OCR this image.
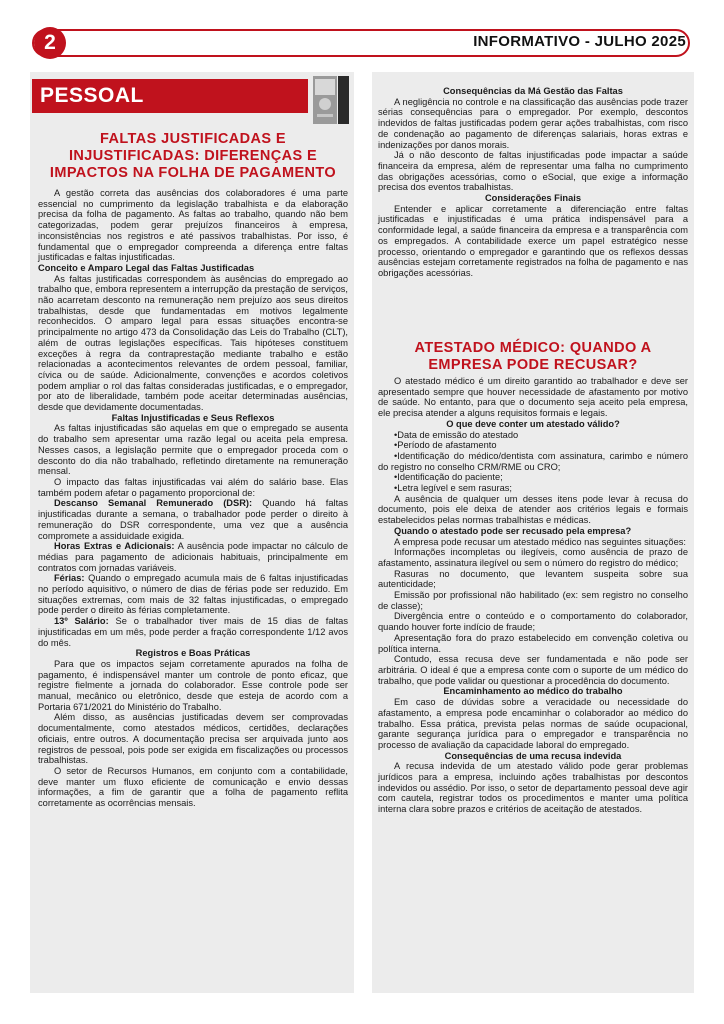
2	INFORMATIVO - JULHO 2025
PESSOAL	CTPS
FALTAS JUSTIFICADAS E INJUSTIFICADAS: DIFERENÇAS E IMPACTOS NA FOLHA DE PAGAMENTO

A gestão correta das ausências dos colaboradores é uma parte essencial no cumprimento da legislação trabalhista e da elaboração precisa da folha de pagamento. As faltas ao trabalho, quando não bem categorizadas, podem gerar prejuízos financeiros à empresa, inconsistências nos registros e até passivos trabalhistas. Por isso, é fundamental que o empregador compreenda a diferença entre faltas justificadas e faltas injustificadas.

Conceito e Amparo Legal das Faltas Justificadas

As faltas justificadas correspondem às ausências do empregado ao trabalho que, embora representem a interrupção da prestação de serviços, não acarretam desconto na remuneração nem prejuízo aos seus direitos trabalhistas, desde que fundamentadas em motivos legalmente reconhecidos. O amparo legal para essas situações encontra-se principalmente no artigo 473 da Consolidação das Leis do Trabalho (CLT), além de outras legislações específicas. Tais hipóteses constituem exceções à regra da contraprestação mediante trabalho e estão relacionadas a acontecimentos relevantes de ordem pessoal, familiar, cívica ou de saúde. Adicionalmente, convenções e acordos coletivos podem ampliar o rol das faltas consideradas justificadas, e o empregador, por ato de liberalidade, também pode aceitar determinadas ausências, desde que devidamente documentadas.

Faltas Injustificadas e Seus Reflexos

As faltas injustificadas são aquelas em que o empregado se ausenta do trabalho sem apresentar uma razão legal ou aceita pela empresa. Nesses casos, a legislação permite que o empregador proceda com o desconto do dia não trabalhado, refletindo diretamente na remuneração mensal.

O impacto das faltas injustificadas vai além do salário base. Elas também podem afetar o pagamento proporcional de:

Descanso Semanal Remunerado (DSR): Quando há faltas injustificadas durante a semana, o trabalhador pode perder o direito à remuneração do DSR correspondente, uma vez que a ausência compromete a assiduidade exigida.

Horas Extras e Adicionais: A ausência pode impactar no cálculo de médias para pagamento de adicionais habituais, principalmente em contratos com jornadas variáveis.

Férias: Quando o empregado acumula mais de 6 faltas injustificadas no período aquisitivo, o número de dias de férias pode ser reduzido. Em situações extremas, com mais de 32 faltas injustificadas, o empregado pode perder o direito às férias completamente.

13º Salário: Se o trabalhador tiver mais de 15 dias de faltas injustificadas em um mês, pode perder a fração correspondente 1/12 avos do mês.

Registros e Boas Práticas

Para que os impactos sejam corretamente apurados na folha de pagamento, é indispensável manter um controle de ponto eficaz, que registre fielmente a jornada do colaborador. Esse controle pode ser manual, mecânico ou eletrônico, desde que esteja de acordo com a Portaria 671/2021 do Ministério do Trabalho.

Além disso, as ausências justificadas devem ser comprovadas documentalmente, como atestados médicos, certidões, declarações oficiais, entre outros. A documentação precisa ser arquivada junto aos registros de pessoal, pois pode ser exigida em fiscalizações ou processos trabalhistas.

O setor de Recursos Humanos, em conjunto com a contabilidade, deve manter um fluxo eficiente de comunicação e envio dessas informações, a fim de garantir que a folha de pagamento reflita corretamente as ocorrências mensais.

Consequências da Má Gestão das Faltas

A negligência no controle e na classificação das ausências pode trazer sérias consequências para o empregador. Por exemplo, descontos indevidos de faltas justificadas podem gerar ações trabalhistas, com risco de condenação ao pagamento de diferenças salariais, horas extras e indenizações por danos morais.

Já o não desconto de faltas injustificadas pode impactar a saúde financeira da empresa, além de representar uma falha no cumprimento das obrigações acessórias, como o eSocial, que exige a informação precisa dos eventos trabalhistas.

Considerações Finais

Entender e aplicar corretamente a diferenciação entre faltas justificadas e injustificadas é uma prática indispensável para a conformidade legal, a saúde financeira da empresa e a transparência com os empregados. A contabilidade exerce um papel estratégico nesse processo, orientando o empregador e garantindo que os reflexos dessas ausências estejam corretamente registrados na folha de pagamento e nas obrigações acessórias.

ATESTADO MÉDICO: QUANDO A EMPRESA PODE RECUSAR?

O atestado médico é um direito garantido ao trabalhador e deve ser apresentado sempre que houver necessidade de afastamento por motivo de saúde. No entanto, para que o documento seja aceito pela empresa, ele precisa atender a alguns requisitos formais e legais.

O que deve conter um atestado válido?

•Data de emissão do atestado

•Período de afastamento

•Identificação do médico/dentista com assinatura, carimbo e número do registro no conselho CRM/RME ou CRO;

•Identificação do paciente;

•Letra legível e sem rasuras;

A ausência de qualquer um desses itens pode levar à recusa do documento, pois ele deixa de atender aos critérios legais e formais estabelecidos pelas normas trabalhistas e médicas.

Quando o atestado pode ser recusado pela empresa?

A empresa pode recusar um atestado médico nas seguintes situações:

Informações incompletas ou ilegíveis, como ausência de prazo de afastamento, assinatura ilegível ou sem o número do registro do médico;

Rasuras no documento, que levantem suspeita sobre sua autenticidade;

Emissão por profissional não habilitado (ex: sem registro no conselho de classe);

Divergência entre o conteúdo e o comportamento do colaborador, quando houver forte indício de fraude;

Apresentação fora do prazo estabelecido em convenção coletiva ou política interna.

Contudo, essa recusa deve ser fundamentada e não pode ser arbitrária. O ideal é que a empresa conte com o suporte de um médico do trabalho, que pode validar ou questionar a procedência do documento.

Encaminhamento ao médico do trabalho

Em caso de dúvidas sobre a veracidade ou necessidade do afastamento, a empresa pode encaminhar o colaborador ao médico do trabalho. Essa prática, prevista pelas normas de saúde ocupacional, garante segurança jurídica para o empregador e transparência no processo de avaliação da capacidade laboral do empregado.

Consequências de uma recusa indevida

A recusa indevida de um atestado válido pode gerar problemas jurídicos para a empresa, incluindo ações trabalhistas por descontos indevidos ou assédio. Por isso, o setor de departamento pessoal deve agir com cautela, registrar todos os procedimentos e manter uma política interna clara sobre prazos e critérios de aceitação de atestados.
